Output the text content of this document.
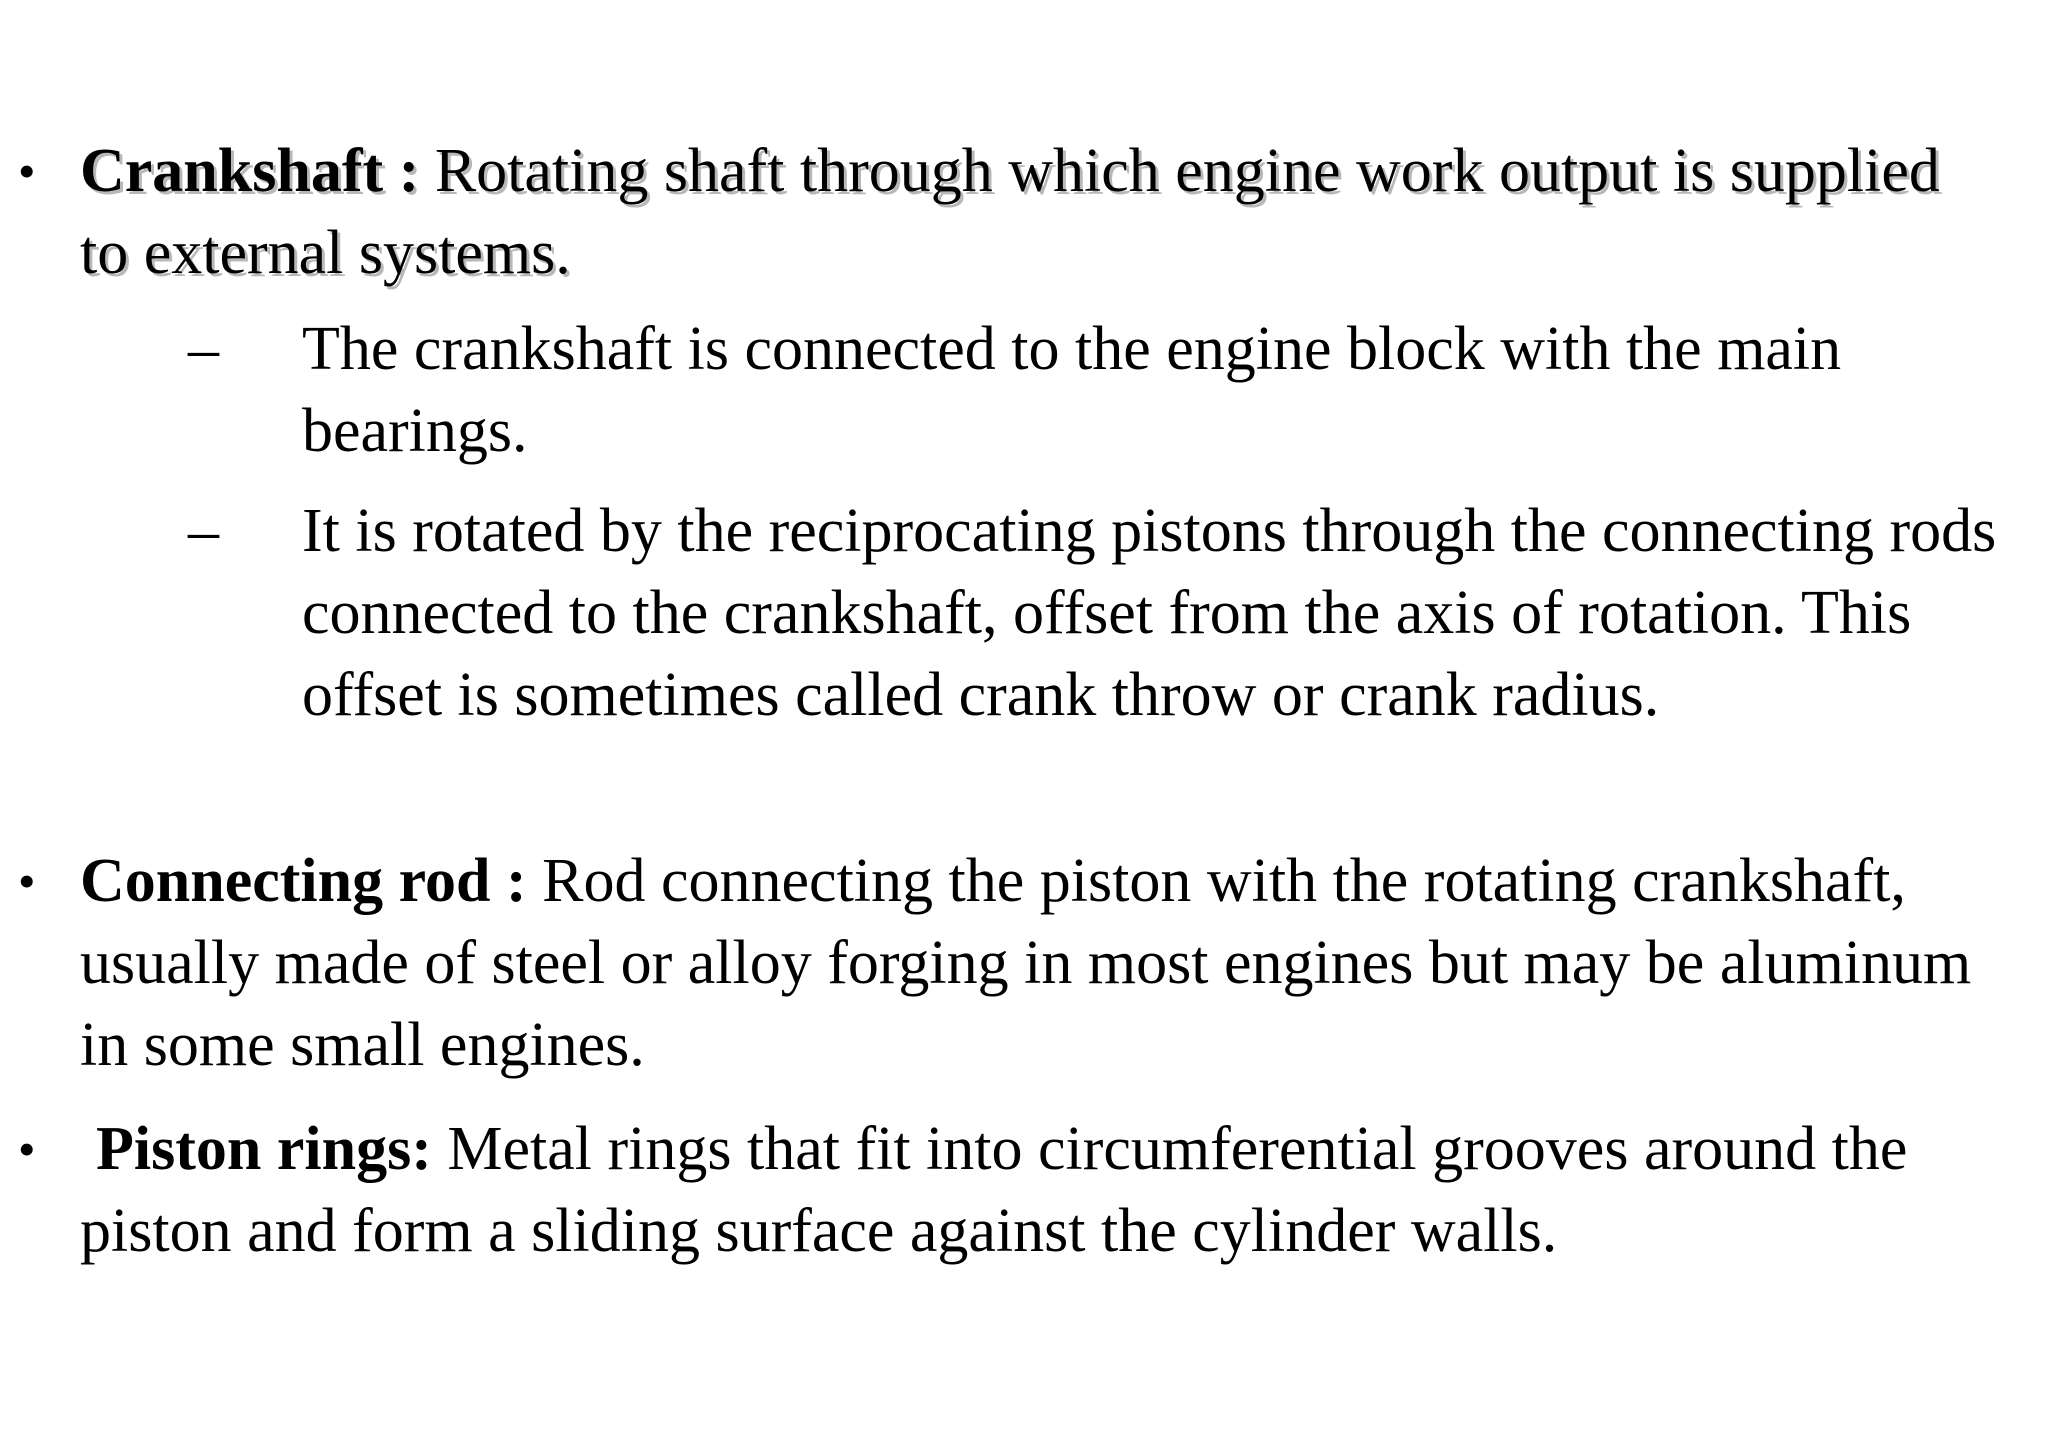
• Crankshaft : Rotating shaft through which engine work output is supplied to external systems.
– The crankshaft is connected to the engine block with the main bearings.
– It is rotated by the reciprocating pistons through the connecting rods connected to the crankshaft, offset from the axis of rotation. This offset is sometimes called crank throw or crank radius.
• Connecting rod : Rod connecting the piston with the rotating crankshaft, usually made of steel or alloy forging in most engines but may be aluminum in some small engines.
• Piston rings: Metal rings that fit into circumferential grooves around the piston and form a sliding surface against the cylinder walls.
